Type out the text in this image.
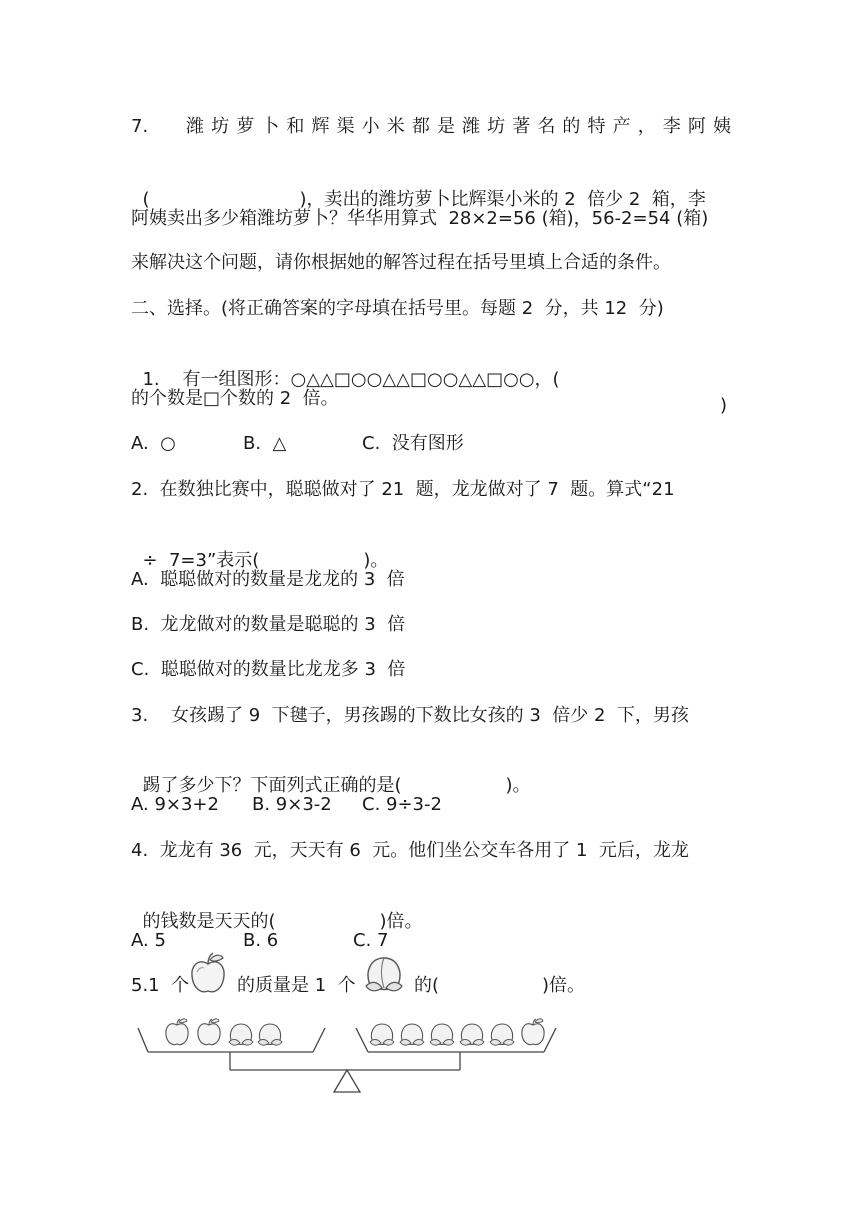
7. 潍 坊 萝 卜 和 辉 渠 小 米 都 是 潍 坊 著 名 的 特 产 ， 李 阿 姨

(	)，卖出的潍坊萝卜比辉渠小米的 2  倍少 2  箱，李

阿姨卖出多少箱潍坊萝卜？华华用算式  28×2=56 (箱)，56-2=54 (箱)
来解决这个问题，请你根据她的解答过程在括号里填上合适的条件。
二、选择。(将正确答案的字母填在括号里。每题 2  分，共 12  分)

1.    有一组图形：○△△□○○△△□○○△△□○○，(

)

的个数是□个数的 2  倍。
A.  ○	B.  △	C.  没有图形
2.  在数独比赛中，聪聪做对了 21  题，龙龙做对了 7  题。算式“21

÷  7=3”表示(	)。

A.  聪聪做对的数量是龙龙的 3  倍
B.  龙龙做对的数量是聪聪的 3  倍
C.  聪聪做对的数量比龙龙多 3  倍
3.    女孩踢了 9  下毽子，男孩踢的下数比女孩的 3  倍少 2  下，男孩

踢了多少下？下面列式正确的是(	)。

A. 9×3+2 B. 9×3-2 C. 9÷3-2
4.  龙龙有 36  元，天天有 6  元。他们坐公交车各用了 1  元后，龙龙

的钱数是天天的(	)倍。

A. 5	B. 6	C. 7
5.1  个	的质量是 1  个	的(	)倍。
